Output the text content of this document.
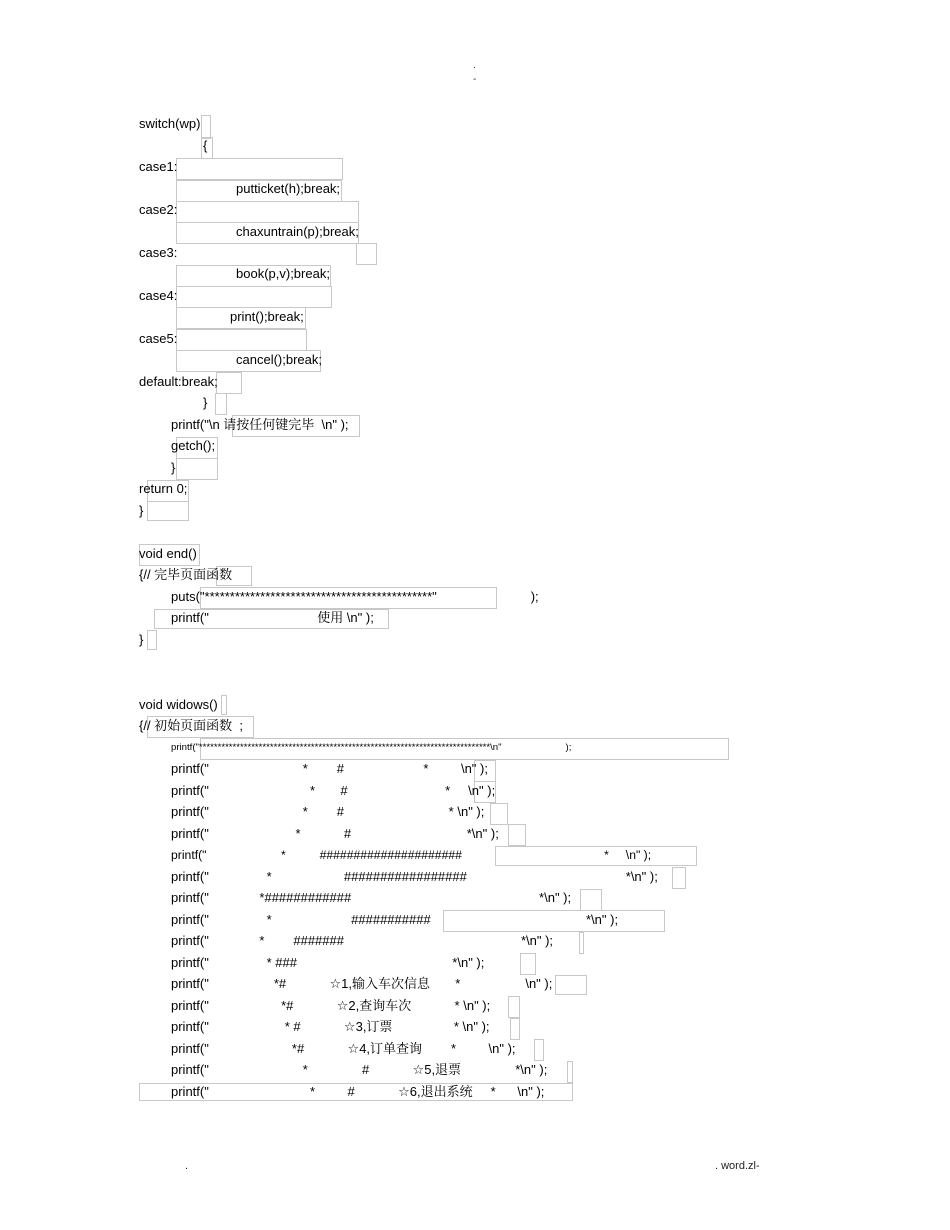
.
-
switch(wp)
{
case1:
putticket(h);break;
case2:
chaxuntrain(p);break;
case3:
book(p,v);break;
case4:
print();break;
case5:
cancel();break;
default:break;
}
printf("\n 请按任何键完毕  \n" );
getch();
}
return 0;
}
void end()
{// 完毕页面函数
puts("*********************************************"                          );
printf("                              使用 \n" );
}
void widows()
{// 初始页面函数  ;
printf("******************************************************************************\n"                        );
printf("                          *        #                      *         \n" );
printf("                            *       #                           *     \n" );
printf("                          *        #                             * \n" );
printf("                        *            #                                *\n" );
printf("                      *          #####################                                          *     \n" );
printf("                *                    #################                                            *\n" );
printf("              *############                                                    *\n" );
printf("                *                      ###########                                           *\n" );
printf("              *        #######                                                 *\n" );
printf("                * ###                                           *\n" );
printf("                  *#            ☆1,输入车次信息       *                  \n" );
printf("                    *#            ☆2,查询车次            * \n" );
printf("                     * #            ☆3,订票                 * \n" );
printf("                       *#            ☆4,订单查询        *         \n" );
printf("                          *               #            ☆5,退票               *\n" );
printf("                            *         #            ☆6,退出系统     *      \n" );
.	. word.zl-
